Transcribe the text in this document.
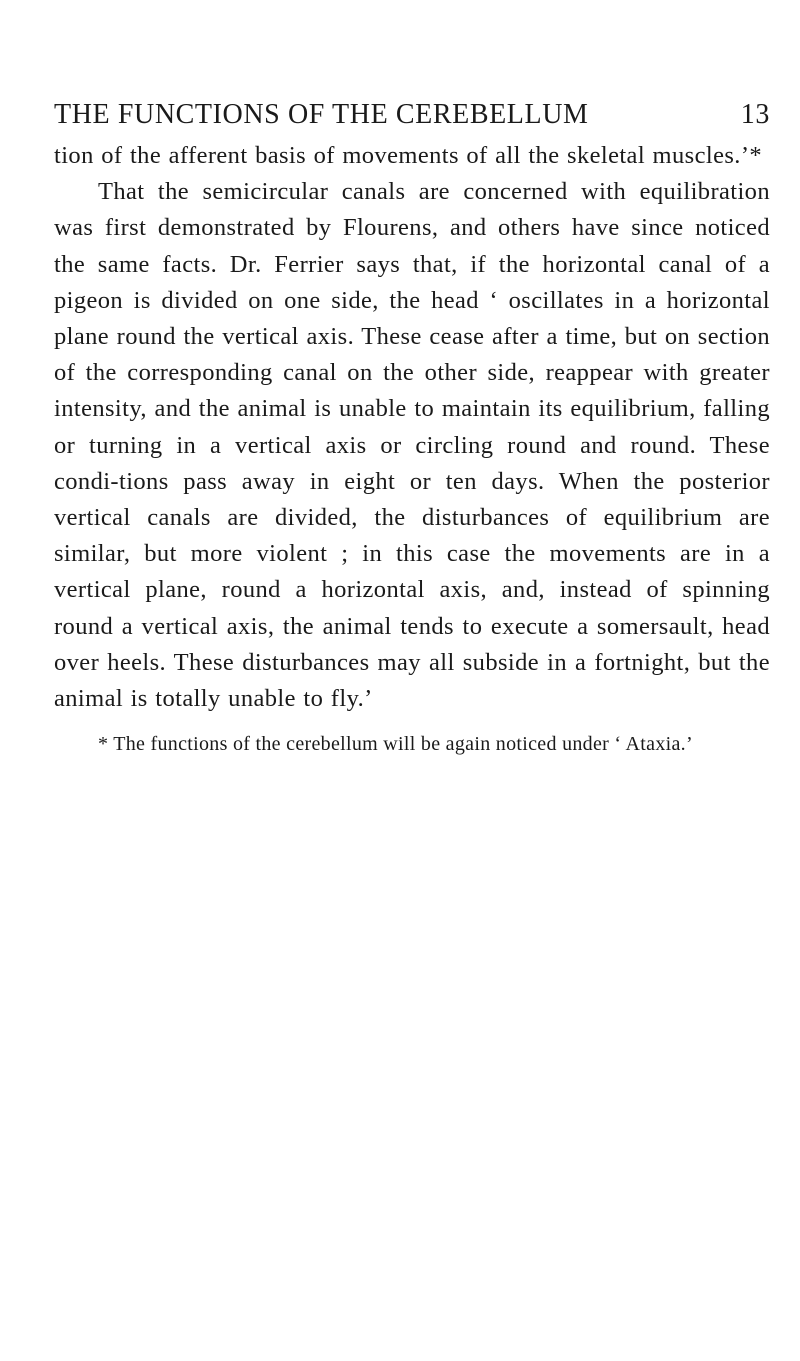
THE FUNCTIONS OF THE CEREBELLUM	13

tion of the afferent basis of movements of all the skeletal muscles.’*

That the semicircular canals are concerned with equilibration was first demonstrated by Flourens, and others have since noticed the same facts. Dr. Ferrier says that, if the horizontal canal of a pigeon is divided on one side, the head ‘ oscillates in a horizontal plane round the vertical axis. These cease after a time, but on section of the corresponding canal on the other side, reappear with greater intensity, and the animal is unable to maintain its equilibrium, falling or turning in a vertical axis or circling round and round. These condi-tions pass away in eight or ten days. When the posterior vertical canals are divided, the disturbances of equilibrium are similar, but more violent ; in this case the movements are in a vertical plane, round a horizontal axis, and, instead of spinning round a vertical axis, the animal tends to execute a somersault, head over heels. These disturbances may all subside in a fortnight, but the animal is totally unable to fly.’

* The functions of the cerebellum will be again noticed under ‘ Ataxia.’
